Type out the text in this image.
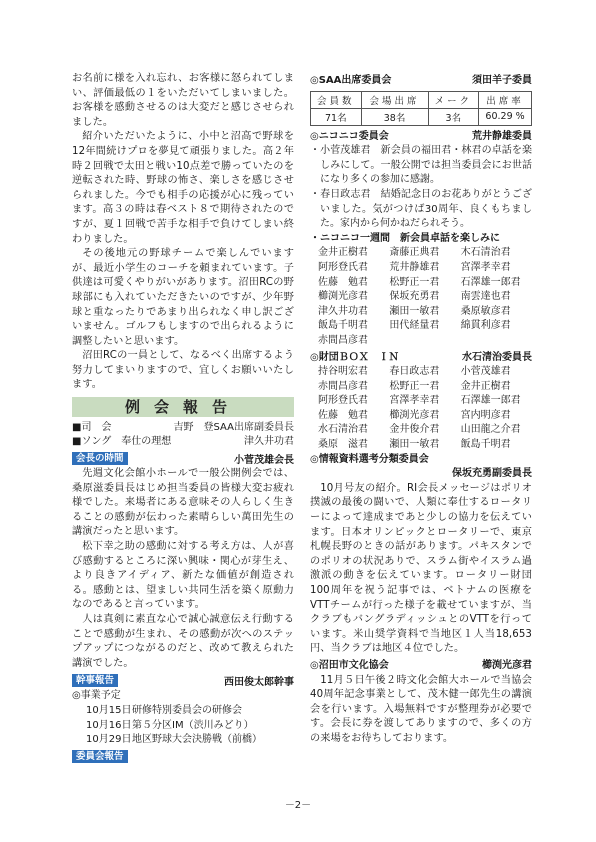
お名前に様を入れ忘れ、お客様に怒られてしまい、評価最低の１をいただいてしまいました。お客様を感動させるのは大変だと感じさせられました。

紹介いただいたように、小中と沼高で野球を12年間続けプロを夢見て頑張りました。高２年時２回戦で太田と戦い10点差で勝っていたのを逆転された時、野球の怖さ、楽しさを感じさせられました。今でも相手の応援が心に残っています。高３の時は春ベスト８で期待されたのですが、夏１回戦で苦手な相手で負けてしまい終わりました。

その後地元の野球チームで楽しんでいますが、最近小学生のコーチを頼まれています。子供達は可愛くやりがいがあります。沼田RCの野球部にも入れていただきたいのですが、少年野球と重なったりであまり出られなく申し訳ございません。ゴルフもしますので出られるように調整したいと思います。

沼田RCの一員として、なるべく出席するよう努力してまいりますので、宜しくお願いいたします。

例会報告
■司　会	吉野　登SAA出席副委員長
■ソング　奉仕の理想	津久井功君
会長の時間	小菅茂雄会長

先週文化会館小ホールで一般公開例会では、桑原滋委員長はじめ担当委員の皆様大変お疲れ様でした。来場者にある意味その人らしく生きることの感動が伝わった素晴らしい萬田先生の講演だったと思います。

松下幸之助の感動に対する考え方は、人が喜び感動するところに深い興味・関心が芽生え、より良きアイディア、新たな価値が創造される。感動とは、望ましい共同生活を築く原動力なのであると言っています。

人は真剣に素直な心で誠心誠意伝え行動することで感動が生まれ、その感動が次へのステップアップにつながるのだと、改めて教えられた講演でした。

幹事報告	西田俊太郎幹事
◎事業予定
10月15日 研修特別委員会の研修会
10月16日 第５分区IM（渋川みどり）
10月29日 地区野球大会決勝戦（前橋）
委員会報告
◎SAA出席委員会	須田羊子委員
会員数	会場出席	メーク	出席率
71名	38名	3名	60.29 %
◎ニコニコ委員会	荒井静雄委員
・小菅茂雄君　新会員の福田君・林君の卓話を楽しみにして。一般公開では担当委員会にお世話になり多くの参加に感謝。
・春日政志君　結婚記念日のお花ありがとうございました。気がつけば30周年、良くもちました。家内から何かねだられそう。
・ニコニコ一週間　新会員卓話を楽しみに
金井正樹君	斎藤正典君	木石清治君
阿形登氏君	荒井静雄君	宮澤孝幸君
佐藤　勉君	松野正一君	石澤雄一郎君
櫛渕光彦君	保坂充勇君	南雲達也君
津久井功君	瀬田一敏君	桑原敏彦君
飯島千明君	田代経量君	綿貫利彦君
赤間昌彦君
◎財団ＢＯＸ　ＩＮ	水石清治委員長
持谷明宏君	春日政志君	小菅茂雄君
赤間昌彦君	松野正一君	金井正樹君
阿形登氏君	宮澤孝幸君	石澤雄一郎君
佐藤　勉君	櫛渕光彦君	宮内明彦君
水石清治君	金井俊介君	山田龍之介君
桑原　滋君	瀬田一敏君	飯島千明君
◎情報資料選考分類委員会
保坂充勇副委員長

10月号友の紹介。RI会長メッセージはポリオ撲滅の最後の闘いで、人類に奉仕するロータリーによって達成まであと少しの協力を伝えています。日本オリンピックとロータリーで、東京札幌長野のときの話があります。パキスタンでのポリオの状況ありで、スラム街やイスラム過激派の動きを伝えています。ロータリー財団100周年を祝う記事では、ベトナムの医療をVTTチームが行った様子を載せていますが、当クラブもバングラディッシュとのVTTを行っています。米山奨学資料で当地区１人当18,653円、当クラブは地区４位でした。

◎沼田市文化協会	櫛渕光彦君

11月５日午後２時文化会館大ホールで当協会40周年記念事業として、茂木健一郎先生の講演会を行います。入場無料ですが整理券が必要です。会長に券を渡してありますので、多くの方の来場をお待ちしております。

－2－
